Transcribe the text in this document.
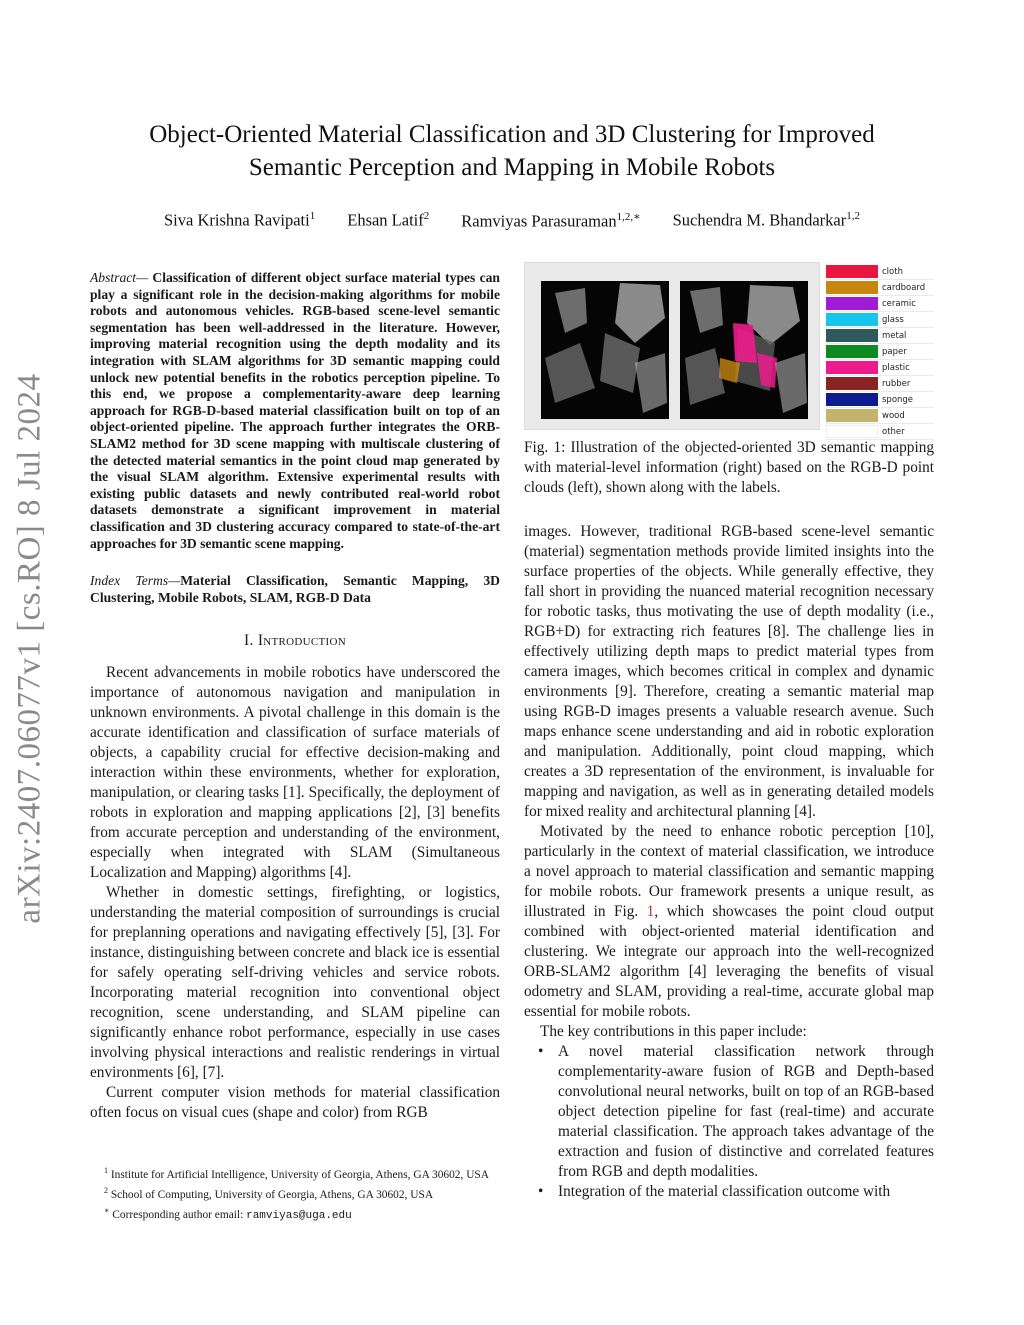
arXiv:2407.06077v1 [cs.RO] 8 Jul 2024
Object-Oriented Material Classification and 3D Clustering for Improved
Semantic Perception and Mapping in Mobile Robots
Siva Krishna Ravipati$^1$ Ehsan Latif$^2$ Ramviyas Parasuraman$^{1,2,∗}$ Suchendra M. Bhandarkar$^{1,2}$
Abstract— Classification of different object surface material types can play a significant role in the decision-making algorithms for mobile robots and autonomous vehicles. RGB-based scene-level semantic segmentation has been well-addressed in the literature. However, improving material recognition using the depth modality and its integration with SLAM algorithms for 3D semantic mapping could unlock new potential benefits in the robotics perception pipeline. To this end, we propose a complementarity-aware deep learning approach for RGB-D-based material classification built on top of an object-oriented pipeline. The approach further integrates the ORB-SLAM2 method for 3D scene mapping with multiscale clustering of the detected material semantics in the point cloud map generated by the visual SLAM algorithm. Extensive experimental results with existing public datasets and newly contributed real-world robot datasets demonstrate a significant improvement in material classification and 3D clustering accuracy compared to state-of-the-art approaches for 3D semantic scene mapping.
Index Terms—Material Classification, Semantic Mapping, 3D Clustering, Mobile Robots, SLAM, RGB-D Data
I. Introduction

Recent advancements in mobile robotics have underscored the importance of autonomous navigation and manipulation in unknown environments. A pivotal challenge in this domain is the accurate identification and classification of surface materials of objects, a capability crucial for effective decision-making and interaction within these environments, whether for exploration, manipulation, or clearing tasks [1]. Specifically, the deployment of robots in exploration and mapping applications [2], [3] benefits from accurate perception and understanding of the environment, especially when integrated with SLAM (Simultaneous Localization and Mapping) algorithms [4].

Whether in domestic settings, firefighting, or logistics, understanding the material composition of surroundings is crucial for preplanning operations and navigating effectively [5], [3]. For instance, distinguishing between concrete and black ice is essential for safely operating self-driving vehicles and service robots. Incorporating material recognition into conventional object recognition, scene understanding, and SLAM pipeline can significantly enhance robot performance, especially in use cases involving physical interactions and realistic renderings in virtual environments [6], [7].

Current computer vision methods for material classification often focus on visual cues (shape and color) from RGB

$^1$ Institute for Artificial Intelligence, University of Georgia, Athens, GA 30602, USA

$^2$ School of Computing, University of Georgia, Athens, GA 30602, USA

∗ Corresponding author email: ramviyas@uga.edu

cloth
cardboard
ceramic
glass
metal
paper
plastic
rubber
sponge
wood
other
Fig. 1: Illustration of the objected-oriented 3D semantic mapping with material-level information (right) based on the RGB-D point clouds (left), shown along with the labels.

images. However, traditional RGB-based scene-level semantic (material) segmentation methods provide limited insights into the surface properties of the objects. While generally effective, they fall short in providing the nuanced material recognition necessary for robotic tasks, thus motivating the use of depth modality (i.e., RGB+D) for extracting rich features [8]. The challenge lies in effectively utilizing depth maps to predict material types from camera images, which becomes critical in complex and dynamic environments [9]. Therefore, creating a semantic material map using RGB-D images presents a valuable research avenue. Such maps enhance scene understanding and aid in robotic exploration and manipulation. Additionally, point cloud mapping, which creates a 3D representation of the environment, is invaluable for mapping and navigation, as well as in generating detailed models for mixed reality and architectural planning [4].

Motivated by the need to enhance robotic perception [10], particularly in the context of material classification, we introduce a novel approach to material classification and semantic mapping for mobile robots. Our framework presents a unique result, as illustrated in Fig. 1, which showcases the point cloud output combined with object-oriented material identification and clustering. We integrate our approach into the well-recognized ORB-SLAM2 algorithm [4] leveraging the benefits of visual odometry and SLAM, providing a real-time, accurate global map essential for mobile robots.

The key contributions in this paper include:

• A novel material classification network through complementarity-aware fusion of RGB and Depth-based convolutional neural networks, built on top of an RGB-based object detection pipeline for fast (real-time) and accurate material classification. The approach takes advantage of the extraction and fusion of distinctive and correlated features from RGB and depth modalities.
• Integration of the material classification outcome with
